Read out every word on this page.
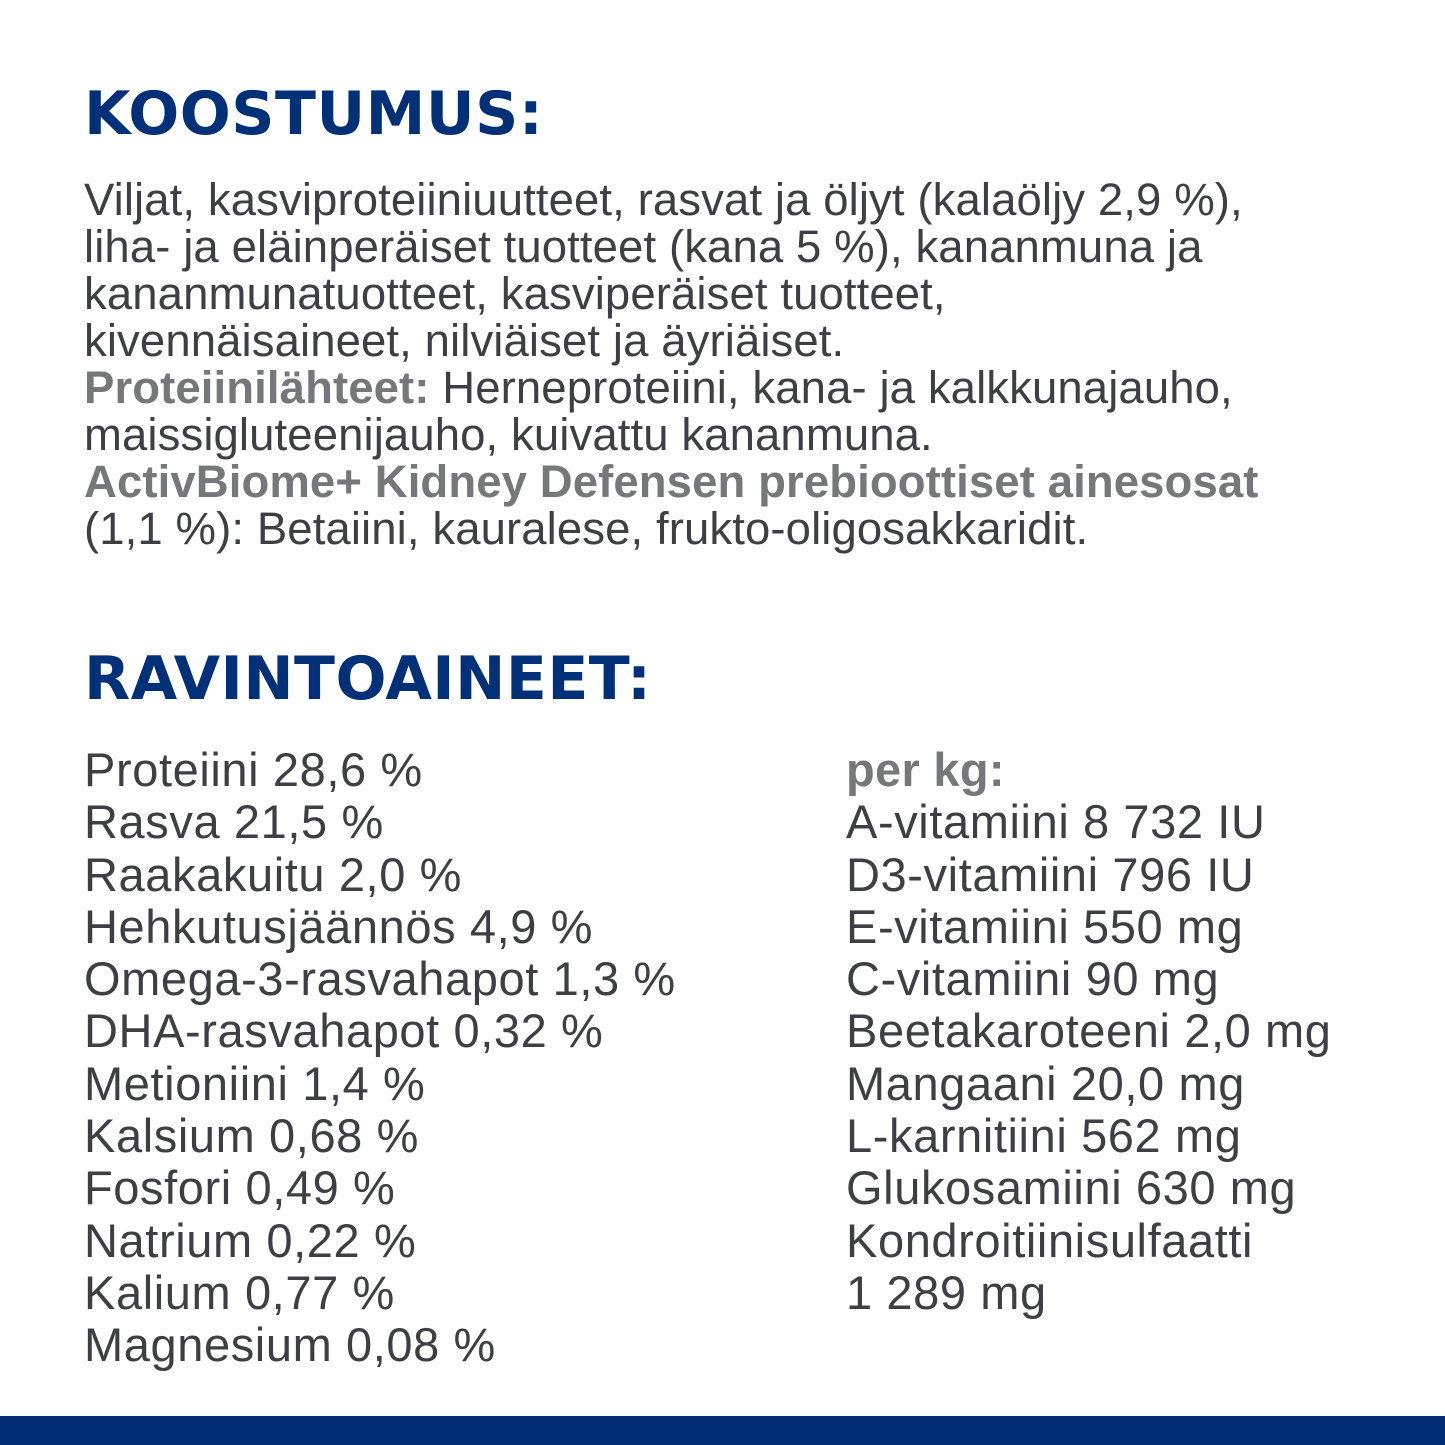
KOOSTUMUS:

Viljat, kasviproteiiniuutteet, rasvat ja öljyt (kalaöljy 2,9 %),
liha- ja eläinperäiset tuotteet (kana 5 %), kananmuna ja
kananmunatuotteet, kasviperäiset tuotteet,
kivennäisaineet, nilviäiset ja äyriäiset.
Proteiinilähteet: Herneproteiini, kana- ja kalkkunajauho,
maissigluteenijauho, kuivattu kananmuna.
ActivBiome+ Kidney Defensen prebioottiset ainesosat
(1,1 %): Betaiini, kauralese, frukto-oligosakkaridit.

RAVINTOAINEET:
Proteiini 28,6 %
Rasva 21,5 %
Raakakuitu 2,0 %
Hehkutusjäännös 4,9 %
Omega-3-rasvahapot 1,3 %
DHA-rasvahapot 0,32 %
Metioniini 1,4 %
Kalsium 0,68 %
Fosfori 0,49 %
Natrium 0,22 %
Kalium 0,77 %
Magnesium 0,08 %
per kg:
A-vitamiini 8 732 IU
D3-vitamiini 796 IU
E-vitamiini 550 mg
C-vitamiini 90 mg
Beetakaroteeni 2,0 mg
Mangaani 20,0 mg
L-karnitiini 562 mg
Glukosamiini 630 mg
Kondroitiinisulfaatti
1 289 mg
